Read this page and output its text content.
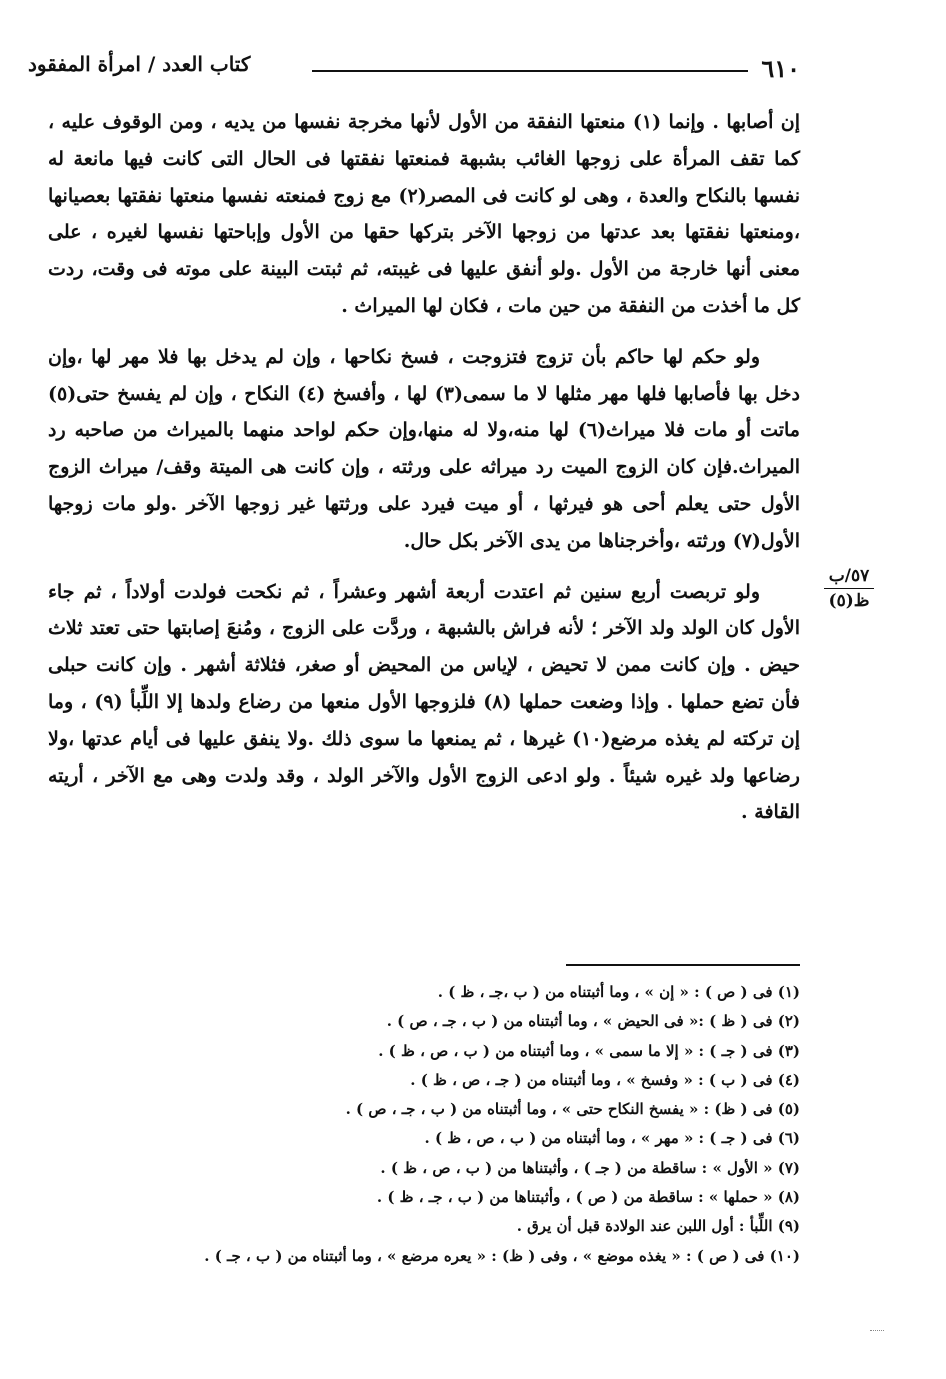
٦١٠
كتاب العدد / امرأة المفقود

إن أصابها . وإنما (١) منعتها النفقة من الأول لأنها مخرجة نفسها من يديه ، ومن الوقوف عليه ، كما تقف المرأة على زوجها الغائب بشبهة فمنعتها نفقتها فى الحال التى كانت فيها مانعة له نفسها بالنكاح والعدة ، وهى لو كانت فى المصر(٢) مع زوج فمنعته نفسها منعتها نفقتها بعصيانها ،ومنعتها نفقتها بعد عدتها من زوجها الآخر بتركها حقها من الأول وإباحتها نفسها لغيره ، على معنى أنها خارجة من الأول .ولو أنفق عليها فى غيبته، ثم ثبتت البينة على موته فى وقت، ردت كل ما أخذت من النفقة من حين مات ، فكان لها الميراث .

ولو حكم لها حاكم بأن تزوج فتزوجت ، فسخ نكاحها ، وإن لم يدخل بها فلا مهر لها ،وإن دخل بها فأصابها فلها مهر مثلها لا ما سمى(٣) لها ، وأفسخ (٤) النكاح ، وإن لم يفسخ حتى(٥) ماتت أو مات فلا ميراث(٦) لها منه،ولا له منها،وإن حكم لواحد منهما بالميراث من صاحبه رد الميراث.فإن كان الزوج الميت رد ميراثه على ورثته ، وإن كانت هى الميتة وقف/ ميراث الزوج الأول حتى يعلم أحى هو فيرثها ، أو ميت فيرد على ورثتها غير زوجها الآخر .ولو مات زوجها الأول(٧) ورثته ،وأخرجناها من يدى الآخر بكل حال.

ولو تربصت أربع سنين ثم اعتدت أربعة أشهر وعشراً ، ثم نكحت فولدت أولاداً ، ثم جاء الأول كان الولد ولد الآخر ؛ لأنه فراش بالشبهة ، وردَّت على الزوج ، ومُنعَ إصابتها حتى تعتد ثلاث حيض . وإن كانت ممن لا تحيض ، لإياس من المحيض أو صغر، فثلاثة أشهر . وإن كانت حبلى فأن تضع حملها . وإذا وضعت حملها (٨) فلزوجها الأول منعها من رضاع ولدها إلا اللِّبأ (٩) ، وما إن تركته لم يغذه مرضع(١٠) غيرها ، ثم يمنعها ما سوى ذلك .ولا ينفق عليها فى أيام عدتها ،ولا رضاعها ولد غيره شيئاً . ولو ادعى الزوج الأول والآخر الولد ، وقد ولدت وهى مع الآخر ، أريته القافة .

٥٧/ب
ظ(٥)
(١) فى ( ص ) : « إن » ، وما أثبتناه من ( ب ،جـ ، ظ ) .
(٢) فى ( ظ ) :« فى الحيض » ، وما أثبتناه من ( ب ، جـ ، ص ) .
(٣) فى ( جـ ) : « إلا ما سمى » ، وما أثبتناه من ( ب ، ص ، ظ ) .
(٤) فى ( ب ) : « وفسخ » ، وما أثبتناه من ( جـ ، ص ، ظ ) .
(٥) فى ( ظ) : « يفسخ النكاح حتى » ، وما أثبتناه من ( ب ، جـ ، ص ) .
(٦) فى ( جـ ) : « مهر » ، وما أثبتناه من ( ب ، ص ، ظ ) .
(٧) « الأول » : ساقطة من ( جـ ) ، وأثبتناها من ( ب ، ص ، ظ ) .
(٨) « حملها » : ساقطة من ( ص ) ، وأثبتناها من ( ب ، جـ ، ظ ) .
(٩) اللِّبأ : أول اللبن عند الولادة قبل أن يرق .
(١٠) فى ( ص ) : « يغذه موضع » ، وفى ( ظ) : « يعره مرضع » ، وما أثبتناه من ( ب ، جـ ) .
